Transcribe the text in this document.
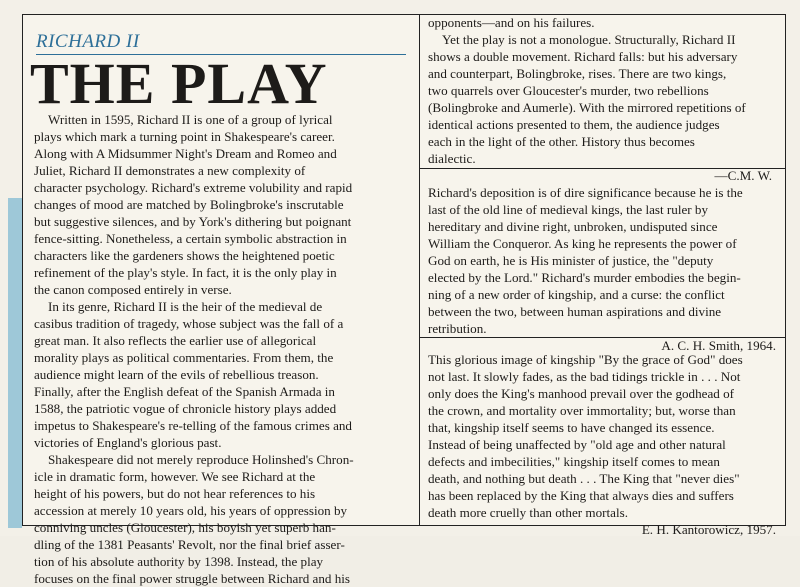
RICHARD II
THE PLAY
Written in 1595, Richard II is one of a group of lyrical
plays which mark a turning point in Shakespeare's career.
Along with A Midsummer Night's Dream and Romeo and
Juliet, Richard II demonstrates a new complexity of
character psychology. Richard's extreme volubility and rapid
changes of mood are matched by Bolingbroke's inscrutable
but suggestive silences, and by York's dithering but poignant
fence-sitting. Nonetheless, a certain symbolic abstraction in
characters like the gardeners shows the heightened poetic
refinement of the play's style. In fact, it is the only play in
the canon composed entirely in verse.
In its genre, Richard II is the heir of the medieval de
casibus tradition of tragedy, whose subject was the fall of a
great man. It also reflects the earlier use of allegorical
morality plays as political commentaries. From them, the
audience might learn of the evils of rebellious treason.
Finally, after the English defeat of the Spanish Armada in
1588, the patriotic vogue of chronicle history plays added
impetus to Shakespeare's re-telling of the famous crimes and
victories of England's glorious past.
Shakespeare did not merely reproduce Holinshed's Chron-
icle in dramatic form, however. We see Richard at the
height of his powers, but do not hear references to his
accession at merely 10 years old, his years of oppression by
conniving uncles (Gloucester), his boyish yet superb han-
dling of the 1381 Peasants' Revolt, nor the final brief asser-
tion of his absolute authority by 1398. Instead, the play
focuses on the final power struggle between Richard and his
opponents—and on his failures.
Yet the play is not a monologue. Structurally, Richard II
shows a double movement. Richard falls: but his adversary
and counterpart, Bolingbroke, rises. There are two kings,
two quarrels over Gloucester's murder, two rebellions
(Bolingbroke and Aumerle). With the mirrored repetitions of
identical actions presented to them, the audience judges
each in the light of the other. History thus becomes
dialectic.
—C.M. W.
Richard's deposition is of dire significance because he is the
last of the old line of medieval kings, the last ruler by
hereditary and divine right, unbroken, undisputed since
William the Conqueror. As king he represents the power of
God on earth, he is His minister of justice, the "deputy
elected by the Lord." Richard's murder embodies the begin-
ning of a new order of kingship, and a curse: the conflict
between the two, between human aspirations and divine
retribution.
A. C. H. Smith, 1964.
This glorious image of kingship "By the grace of God" does
not last. It slowly fades, as the bad tidings trickle in . . . Not
only does the King's manhood prevail over the godhead of
the crown, and mortality over immortality; but, worse than
that, kingship itself seems to have changed its essence.
Instead of being unaffected by "old age and other natural
defects and imbecilities," kingship itself comes to mean
death, and nothing but death . . . The King that "never dies"
has been replaced by the King that always dies and suffers
death more cruelly than other mortals.
E. H. Kantorowicz, 1957.
